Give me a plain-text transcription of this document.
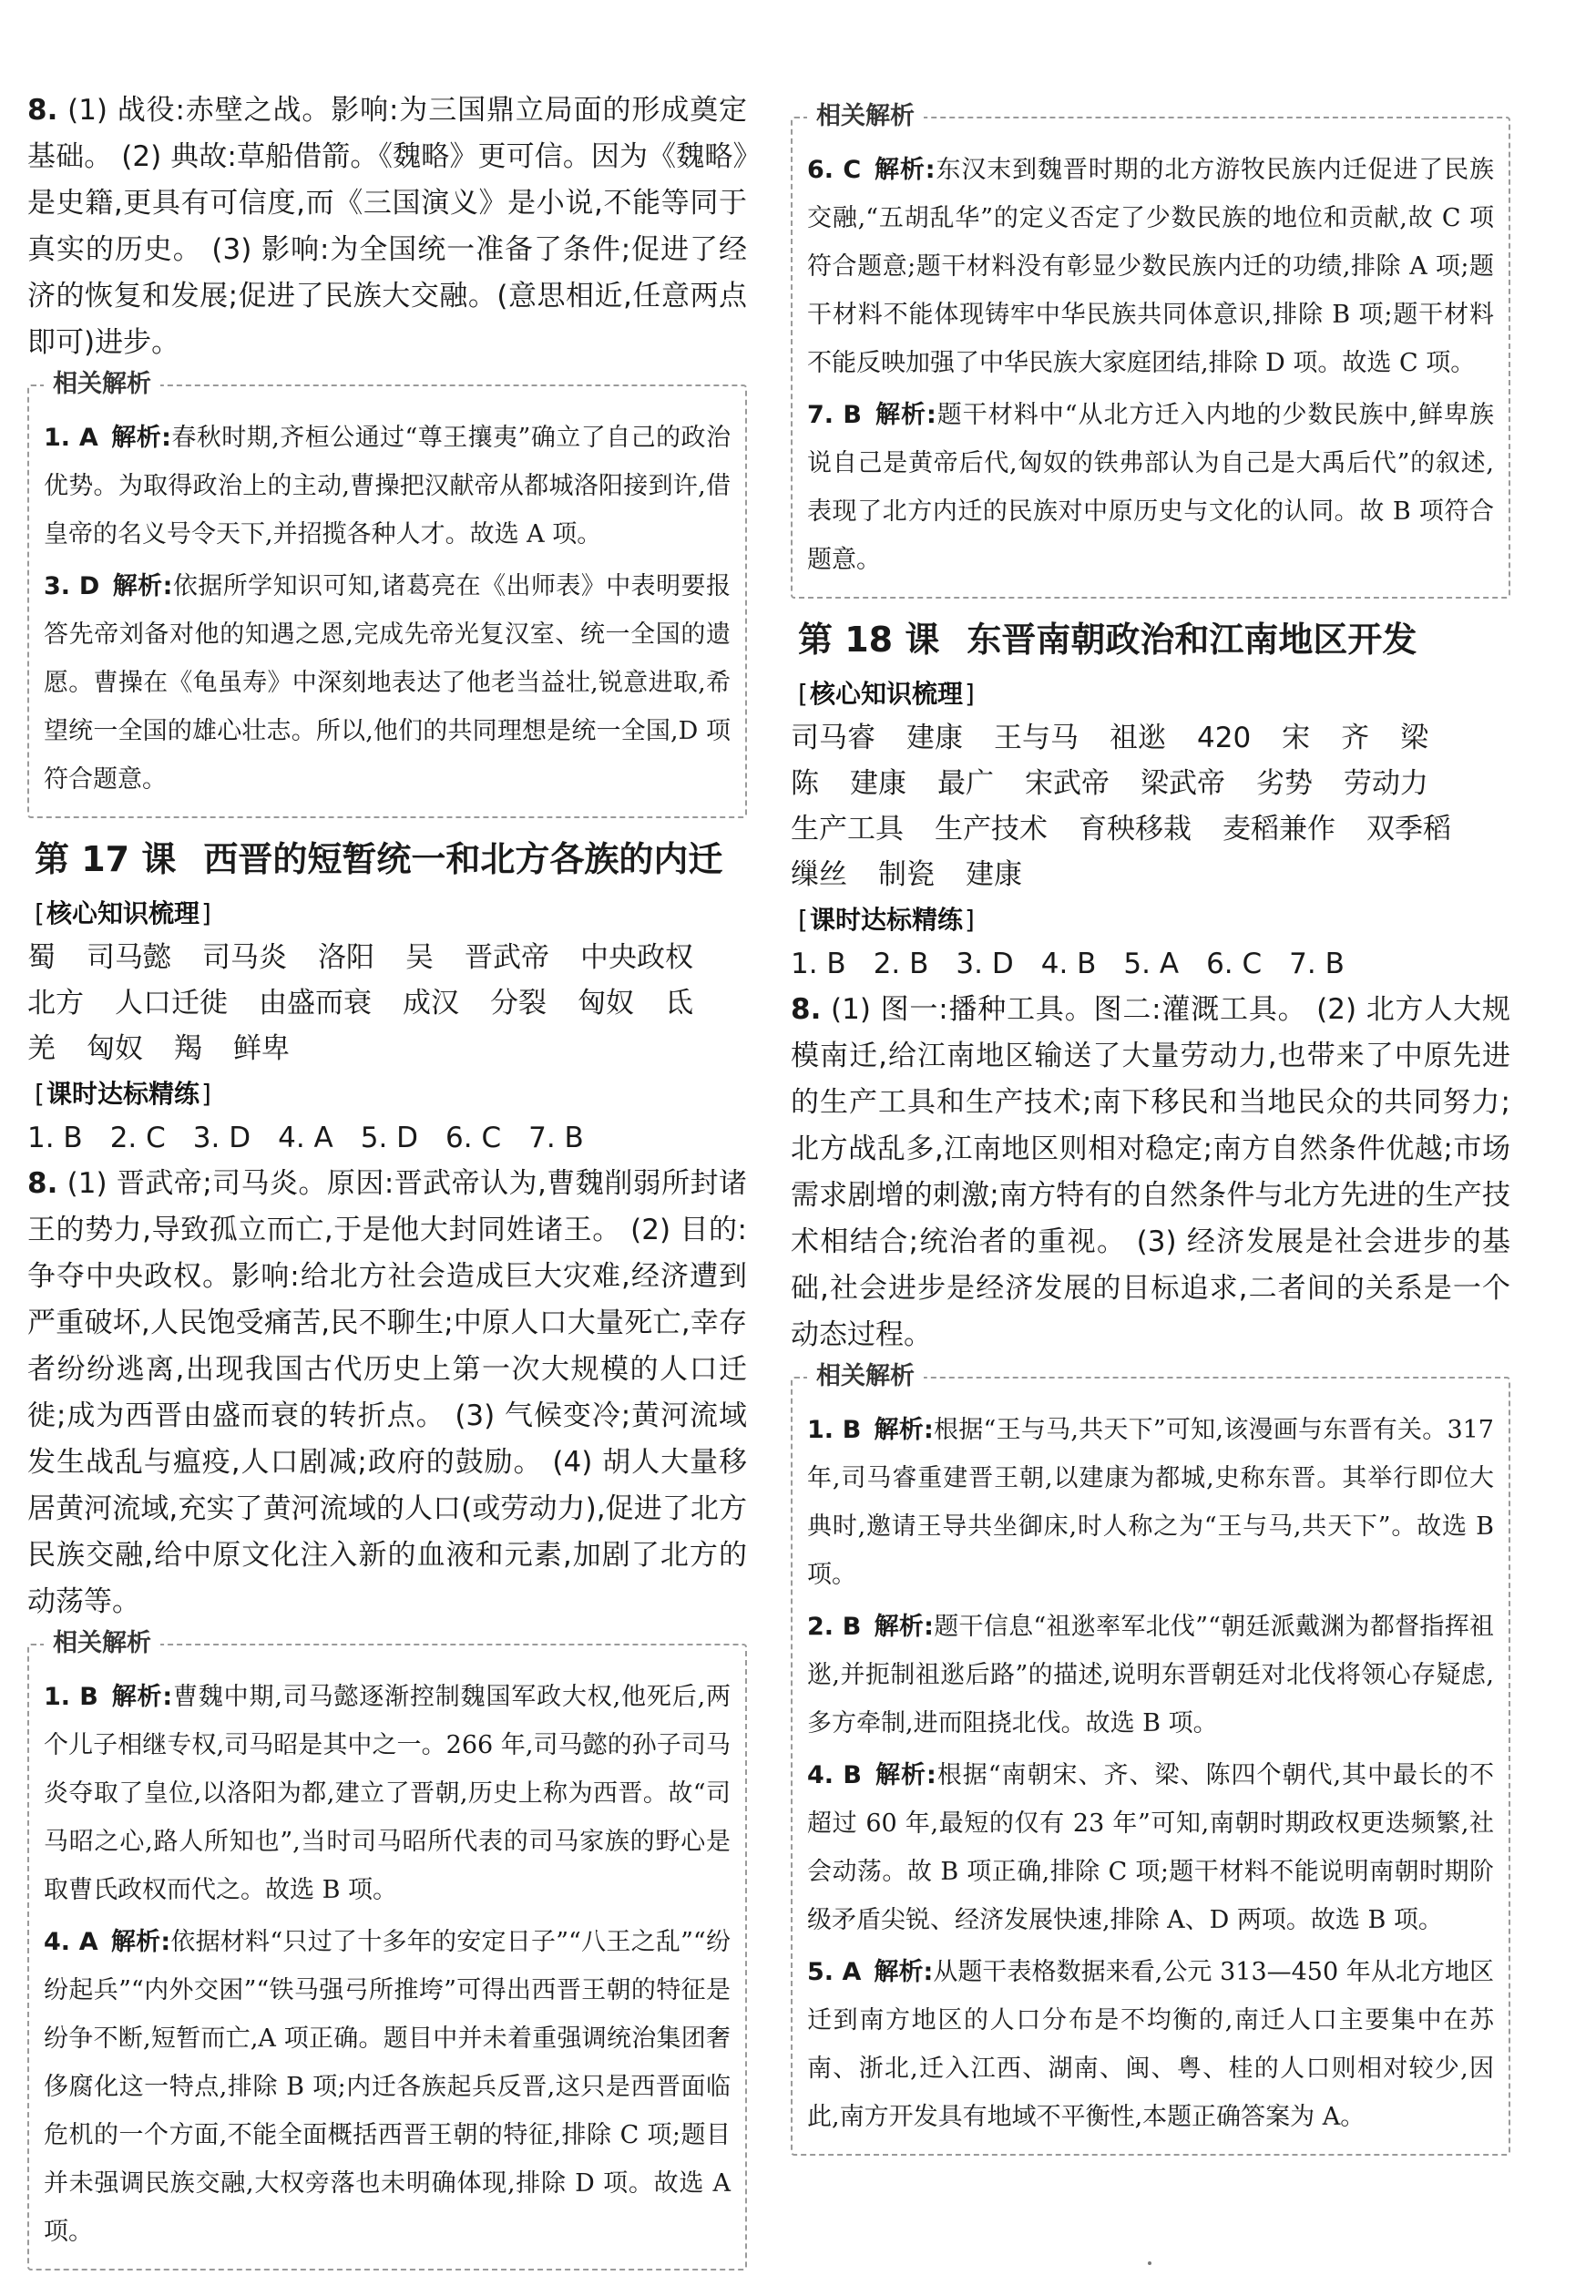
8. (1) 战役:赤壁之战。影响:为三国鼎立局面的形成奠定基础。 (2) 典故:草船借箭。《魏略》更可信。因为《魏略》是史籍,更具有可信度,而《三国演义》是小说,不能等同于真实的历史。 (3) 影响:为全国统一准备了条件;促进了经济的恢复和发展;促进了民族大交融。(意思相近,任意两点即可)进步。

相关解析

1. A 解析:春秋时期,齐桓公通过“尊王攘夷”确立了自己的政治优势。为取得政治上的主动,曹操把汉献帝从都城洛阳接到许,借皇帝的名义号令天下,并招揽各种人才。故选 A 项。

3. D 解析:依据所学知识可知,诸葛亮在《出师表》中表明要报答先帝刘备对他的知遇之恩,完成先帝光复汉室、统一全国的遗愿。曹操在《龟虽寿》中深刻地表达了他老当益壮,锐意进取,希望统一全国的雄心壮志。所以,他们的共同理想是统一全国,D 项符合题意。

第 17 课 西晋的短暂统一和北方各族的内迁
[ 核心知识梳理 ]

蜀 司马懿 司马炎 洛阳 吴 晋武帝 中央政权北方 人口迁徙 由盛而衰 成汉 分裂 匈奴 氐羌 匈奴 羯 鲜卑

[ 课时达标精练 ]

1. B 2. C 3. D 4. A 5. D 6. C 7. B

8. (1) 晋武帝;司马炎。原因:晋武帝认为,曹魏削弱所封诸王的势力,导致孤立而亡,于是他大封同姓诸王。 (2) 目的:争夺中央政权。影响:给北方社会造成巨大灾难,经济遭到严重破坏,人民饱受痛苦,民不聊生;中原人口大量死亡,幸存者纷纷逃离,出现我国古代历史上第一次大规模的人口迁徙;成为西晋由盛而衰的转折点。 (3) 气候变冷;黄河流域发生战乱与瘟疫,人口剧减;政府的鼓励。 (4) 胡人大量移居黄河流域,充实了黄河流域的人口(或劳动力),促进了北方民族交融,给中原文化注入新的血液和元素,加剧了北方的动荡等。

相关解析

1. B 解析:曹魏中期,司马懿逐渐控制魏国军政大权,他死后,两个儿子相继专权,司马昭是其中之一。266 年,司马懿的孙子司马炎夺取了皇位,以洛阳为都,建立了晋朝,历史上称为西晋。故“司马昭之心,路人所知也”,当时司马昭所代表的司马家族的野心是取曹氏政权而代之。故选 B 项。

4. A 解析:依据材料“只过了十多年的安定日子”“八王之乱”“纷纷起兵”“内外交困”“铁马强弓所推垮”可得出西晋王朝的特征是纷争不断,短暂而亡,A 项正确。题目中并未着重强调统治集团奢侈腐化这一特点,排除 B 项;内迁各族起兵反晋,这只是西晋面临危机的一个方面,不能全面概括西晋王朝的特征,排除 C 项;题目并未强调民族交融,大权旁落也未明确体现,排除 D 项。故选 A 项。

相关解析

6. C 解析:东汉末到魏晋时期的北方游牧民族内迁促进了民族交融,“五胡乱华”的定义否定了少数民族的地位和贡献,故 C 项符合题意;题干材料没有彰显少数民族内迁的功绩,排除 A 项;题干材料不能体现铸牢中华民族共同体意识,排除 B 项;题干材料不能反映加强了中华民族大家庭团结,排除 D 项。故选 C 项。

7. B 解析:题干材料中“从北方迁入内地的少数民族中,鲜卑族说自己是黄帝后代,匈奴的铁弗部认为自己是大禹后代”的叙述,表现了北方内迁的民族对中原历史与文化的认同。故 B 项符合题意。

第 18 课 东晋南朝政治和江南地区开发
[ 核心知识梳理 ]

司马睿 建康 王与马 祖逖 420 宋 齐 梁陈 建康 最广 宋武帝 梁武帝 劣势 劳动力生产工具 生产技术 育秧移栽 麦稻兼作 双季稻缫丝 制瓷 建康

[ 课时达标精练 ]

1. B 2. B 3. D 4. B 5. A 6. C 7. B

8. (1) 图一:播种工具。图二:灌溉工具。 (2) 北方人大规模南迁,给江南地区输送了大量劳动力,也带来了中原先进的生产工具和生产技术;南下移民和当地民众的共同努力;北方战乱多,江南地区则相对稳定;南方自然条件优越;市场需求剧增的刺激;南方特有的自然条件与北方先进的生产技术相结合;统治者的重视。 (3) 经济发展是社会进步的基础,社会进步是经济发展的目标追求,二者间的关系是一个动态过程。

相关解析

1. B 解析:根据“王与马,共天下”可知,该漫画与东晋有关。317 年,司马睿重建晋王朝,以建康为都城,史称东晋。其举行即位大典时,邀请王导共坐御床,时人称之为“王与马,共天下”。故选 B 项。

2. B 解析:题干信息“祖逖率军北伐”“朝廷派戴渊为都督指挥祖逖,并扼制祖逖后路”的描述,说明东晋朝廷对北伐将领心存疑虑,多方牵制,进而阻挠北伐。故选 B 项。

4. B 解析:根据“南朝宋、齐、梁、陈四个朝代,其中最长的不超过 60 年,最短的仅有 23 年”可知,南朝时期政权更迭频繁,社会动荡。故 B 项正确,排除 C 项;题干材料不能说明南朝时期阶级矛盾尖锐、经济发展快速,排除 A、D 两项。故选 B 项。

5. A 解析:从题干表格数据来看,公元 313—450 年从北方地区迁到南方地区的人口分布是不均衡的,南迁人口主要集中在苏南、浙北,迁入江西、湖南、闽、粤、桂的人口则相对较少,因此,南方开发具有地域不平衡性,本题正确答案为 A。
